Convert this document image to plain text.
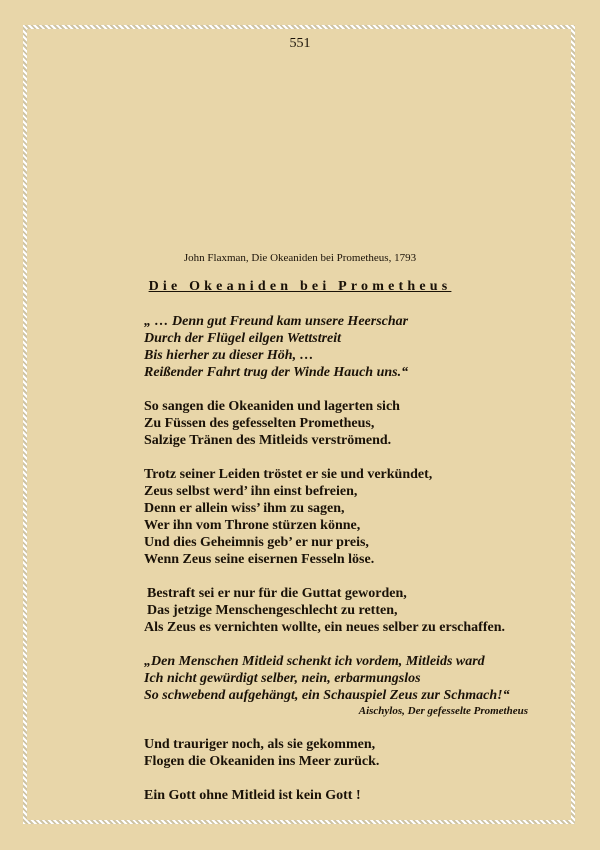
551
John Flaxman, Die Okeaniden bei Prometheus, 1793
Die Okeaniden bei Prometheus
„ … Denn gut Freund kam unsere Heerschar
Durch der Flügel eilgen Wettstreit
Bis hierher zu dieser Höh, …
Reißender Fahrt trug der Winde Hauch uns.“
So sangen die Okeaniden und lagerten sich
Zu Füssen des gefesselten Prometheus,
Salzige Tränen des Mitleids verströmend.
Trotz seiner Leiden tröstet er sie und verkündet,
Zeus selbst werd’ ihn einst befreien,
Denn er allein wiss’ ihm zu sagen,
Wer ihn vom Throne stürzen könne,
Und dies Geheimnis geb’ er nur preis,
Wenn Zeus seine eisernen Fesseln löse.
Bestraft sei er nur für die Guttat geworden,
Das jetzige Menschengeschlecht zu retten,
Als Zeus es vernichten wollte, ein neues selber zu erschaffen.
„Den Menschen Mitleid schenkt ich vordem, Mitleids ward
Ich nicht gewürdigt selber, nein, erbarmungslos
So schwebend aufgehängt, ein Schauspiel Zeus zur Schmach!“
Aischylos, Der gefesselte Prometheus
Und trauriger noch, als sie gekommen,
Flogen die Okeaniden ins Meer zurück.
Ein Gott ohne Mitleid ist kein Gott !
